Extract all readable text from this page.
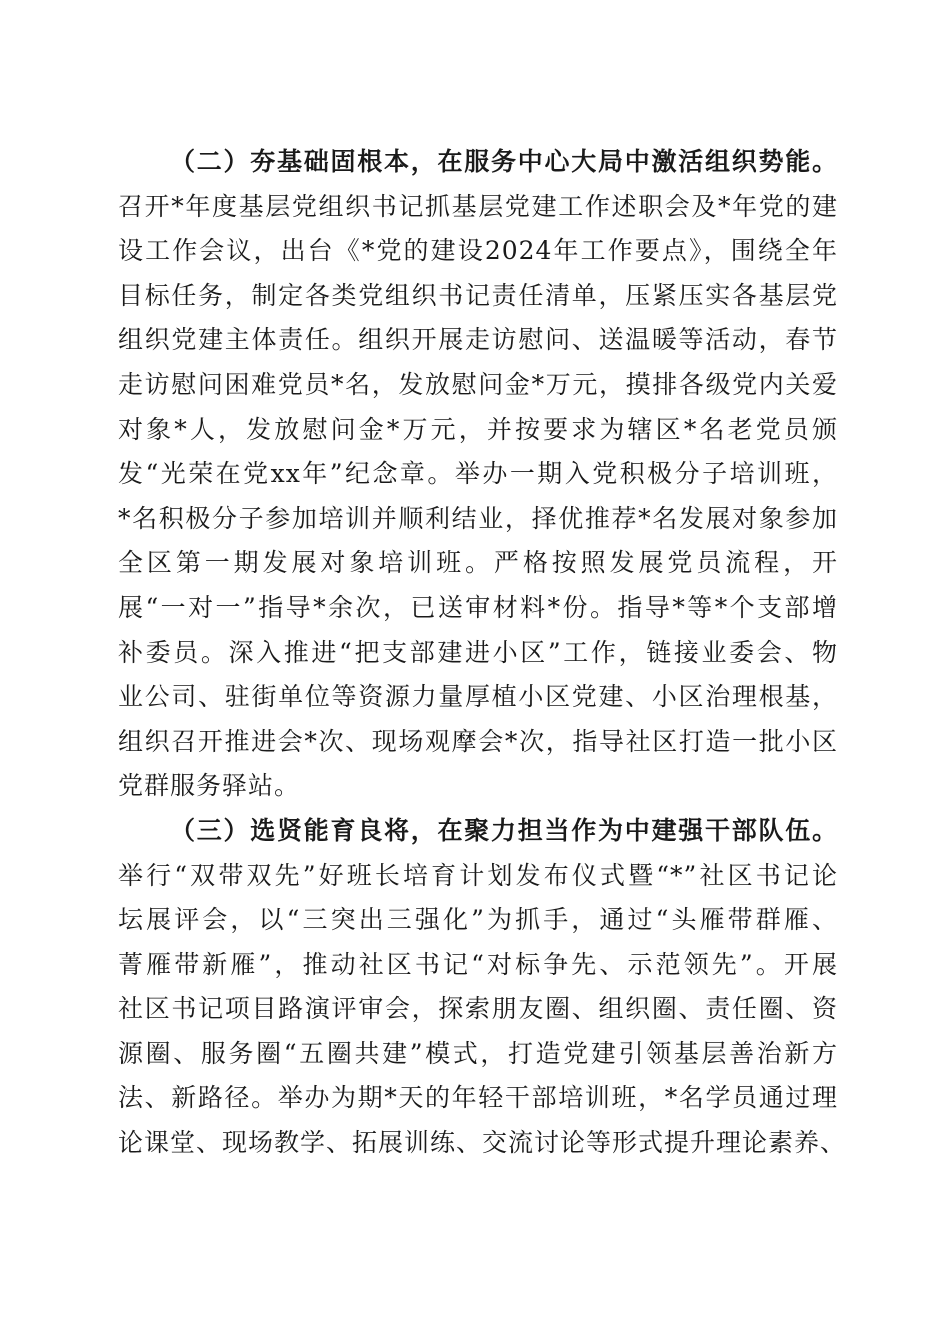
（二）夯基础固根本，在服务中心大局中激活组织势能。
召开*年度基层党组织书记抓基层党建工作述职会及*年党的建
设工作会议，出台《*党的建设2024年工作要点》，围绕全年
目标任务，制定各类党组织书记责任清单，压紧压实各基层党
组织党建主体责任。组织开展走访慰问、送温暖等活动，春节
走访慰问困难党员*名，发放慰问金*万元，摸排各级党内关爱
对象*人，发放慰问金*万元，并按要求为辖区*名老党员颁
发“光荣在党xx年”纪念章。举办一期入党积极分子培训班，
*名积极分子参加培训并顺利结业，择优推荐*名发展对象参加
全区第一期发展对象培训班。严格按照发展党员流程，开
展“一对一”指导*余次，已送审材料*份。指导*等*个支部增
补委员。深入推进“把支部建进小区”工作，链接业委会、物
业公司、驻街单位等资源力量厚植小区党建、小区治理根基，
组织召开推进会*次、现场观摩会*次，指导社区打造一批小区
党群服务驿站。
（三）选贤能育良将，在聚力担当作为中建强干部队伍。
举行“双带双先”好班长培育计划发布仪式暨“*”社区书记论
坛展评会，以“三突出三强化”为抓手，通过“头雁带群雁、
菁雁带新雁”，推动社区书记“对标争先、示范领先”。开展
社区书记项目路演评审会，探索朋友圈、组织圈、责任圈、资
源圈、服务圈“五圈共建”模式，打造党建引领基层善治新方
法、新路径。举办为期*天的年轻干部培训班，*名学员通过理
论课堂、现场教学、拓展训练、交流讨论等形式提升理论素养、
